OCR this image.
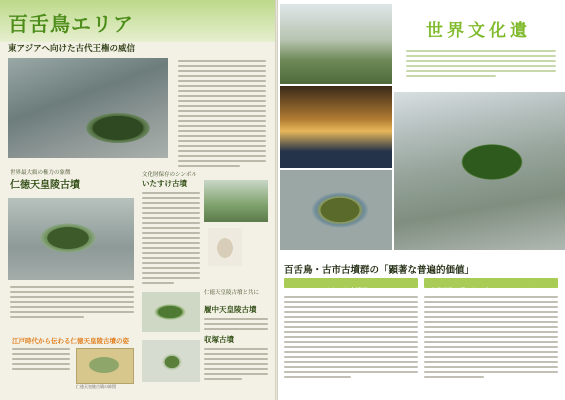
百舌鳥エリア
東アジアへ向けた古代王権の威信
世界最大級の権力の象徴
仁徳天皇陵古墳
江戸時代から伝わる仁徳天皇陵古墳の姿
仁徳天皇陵古墳の絵図
文化財保存のシンボル
いたすけ古墳
仁徳天皇陵古墳と共に
履中天皇陵古墳
収塚古墳
世界文化遺
百舌鳥・古市古墳群の「顕著な普遍的価値」
バラエティーゆたかな古墳群	古代王権が残した日本のモニュメント
